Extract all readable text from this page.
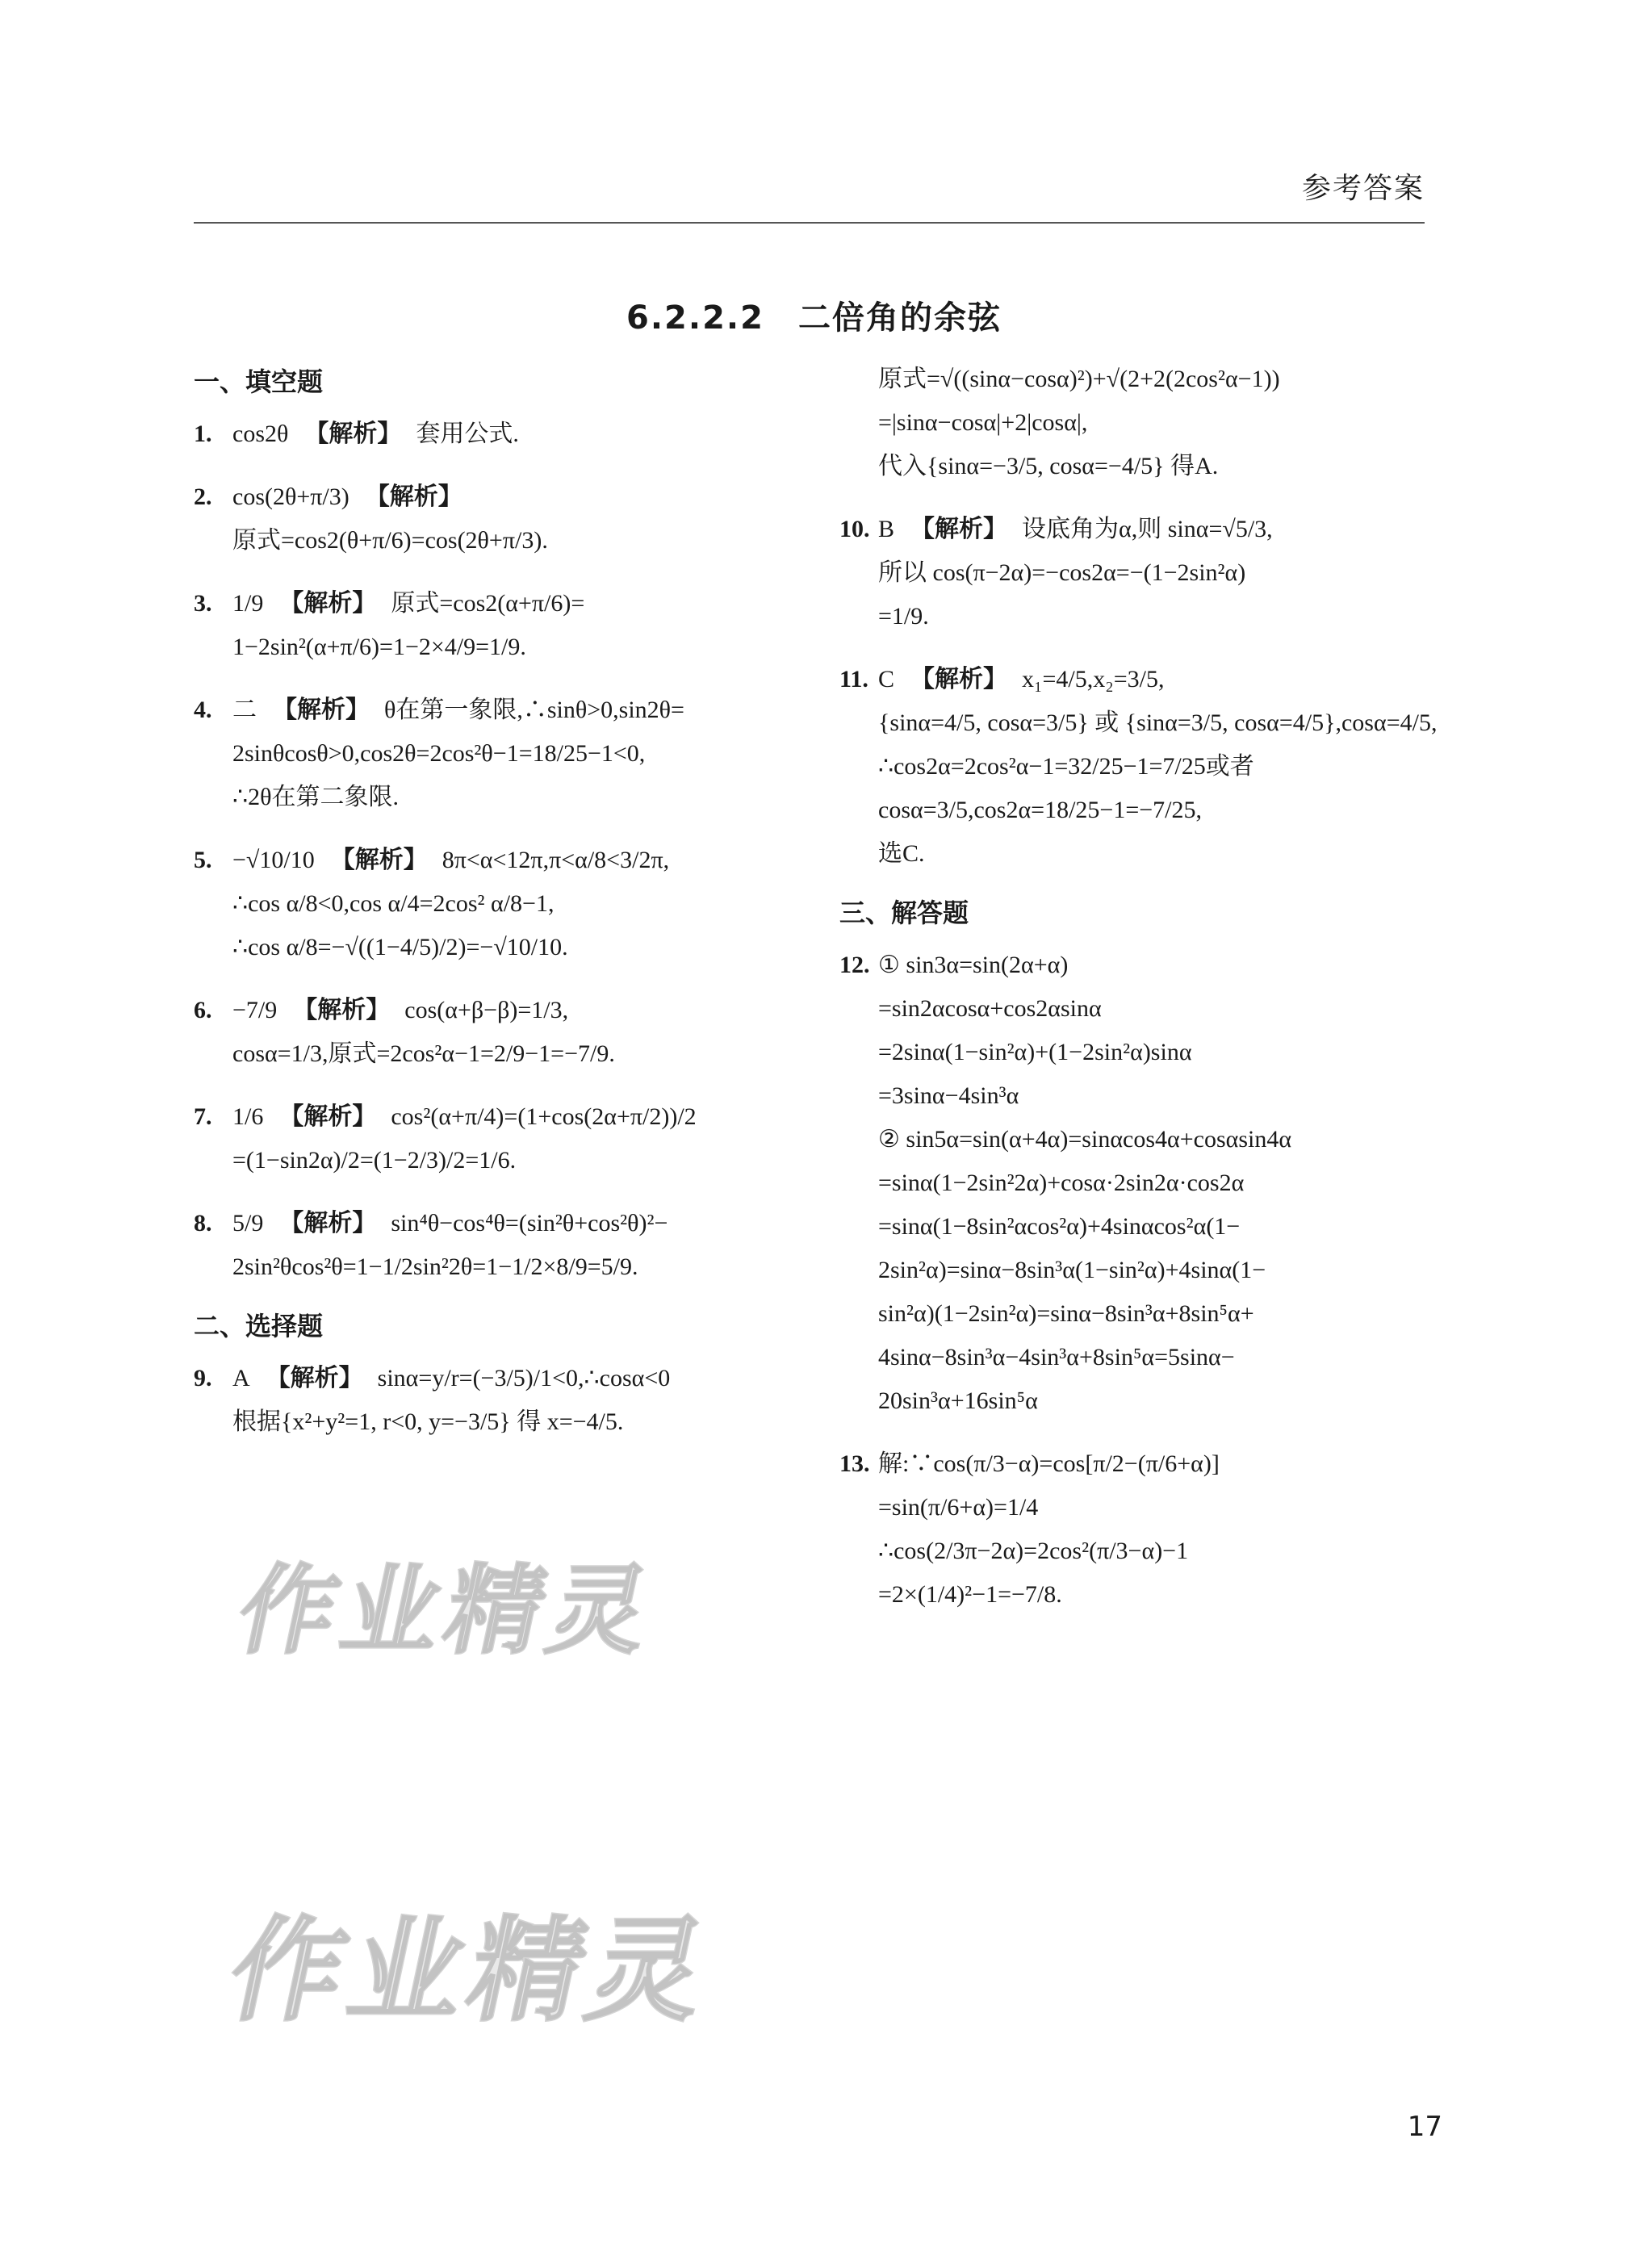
参考答案
6.2.2.2　二倍角的余弦
一、填空题
1. cos2θ 【解析】 套用公式.
2. cos(2θ+π/3) 【解析】
原式=cos2(θ+π/6)=cos(2θ+π/3).
3. 1/9 【解析】 原式=cos2(α+π/6)=
1−2sin²(α+π/6)=1−2×4/9=1/9.
4. 二 【解析】 θ在第一象限,∴sinθ>0,sin2θ=
2sinθcosθ>0,cos2θ=2cos²θ−1=18/25−1<0,
∴2θ在第二象限.
5. −√10/10 【解析】 8π<α<12π,π<α/8<3/2π,
∴cos α/8<0,cos α/4=2cos² α/8−1,
∴cos α/8=−√((1−4/5)/2)=−√10/10.
6. −7/9 【解析】 cos(α+β−β)=1/3,
cosα=1/3,原式=2cos²α−1=2/9−1=−7/9.
7. 1/6 【解析】 cos²(α+π/4)=(1+cos(2α+π/2))/2
=(1−sin2α)/2=(1−2/3)/2=1/6.
8. 5/9 【解析】 sin⁴θ−cos⁴θ=(sin²θ+cos²θ)²−
2sin²θcos²θ=1−1/2sin²2θ=1−1/2×8/9=5/9.
二、选择题
9. A 【解析】 sinα=y/r=(−3/5)/1<0,∴cosα<0
根据{x²+y²=1, r<0, y=−3/5} 得 x=−4/5.
原式=√((sinα−cosα)²)+√(2+2(2cos²α−1))
=|sinα−cosα|+2|cosα|,
代入{sinα=−3/5, cosα=−4/5} 得A.
10. B 【解析】 设底角为α,则 sinα=√5/3,
所以 cos(π−2α)=−cos2α=−(1−2sin²α)
=1/9.
11. C 【解析】 x₁=4/5,x₂=3/5,
{sinα=4/5, cosα=3/5} 或 {sinα=3/5, cosα=4/5},cosα=4/5,
∴cos2α=2cos²α−1=32/25−1=7/25或者
cosα=3/5,cos2α=18/25−1=−7/25,
选C.
三、解答题
12. ① sin3α=sin(2α+α)
=sin2αcosα+cos2αsinα
=2sinα(1−sin²α)+(1−2sin²α)sinα
=3sinα−4sin³α
② sin5α=sin(α+4α)=sinαcos4α+cosαsin4α
=sinα(1−2sin²2α)+cosα·2sin2α·cos2α
=sinα(1−8sin²αcos²α)+4sinαcos²α(1−
2sin²α)=sinα−8sin³α(1−sin²α)+4sinα(1−
sin²α)(1−2sin²α)=sinα−8sin³α+8sin⁵α+
4sinα−8sin³α−4sin³α+8sin⁵α=5sinα−
20sin³α+16sin⁵α
13. 解:∵cos(π/3−α)=cos[π/2−(π/6+α)]
=sin(π/6+α)=1/4
∴cos(2/3π−2α)=2cos²(π/3−α)−1
=2×(1/4)²−1=−7/8.
作业精灵
作业精灵
17
